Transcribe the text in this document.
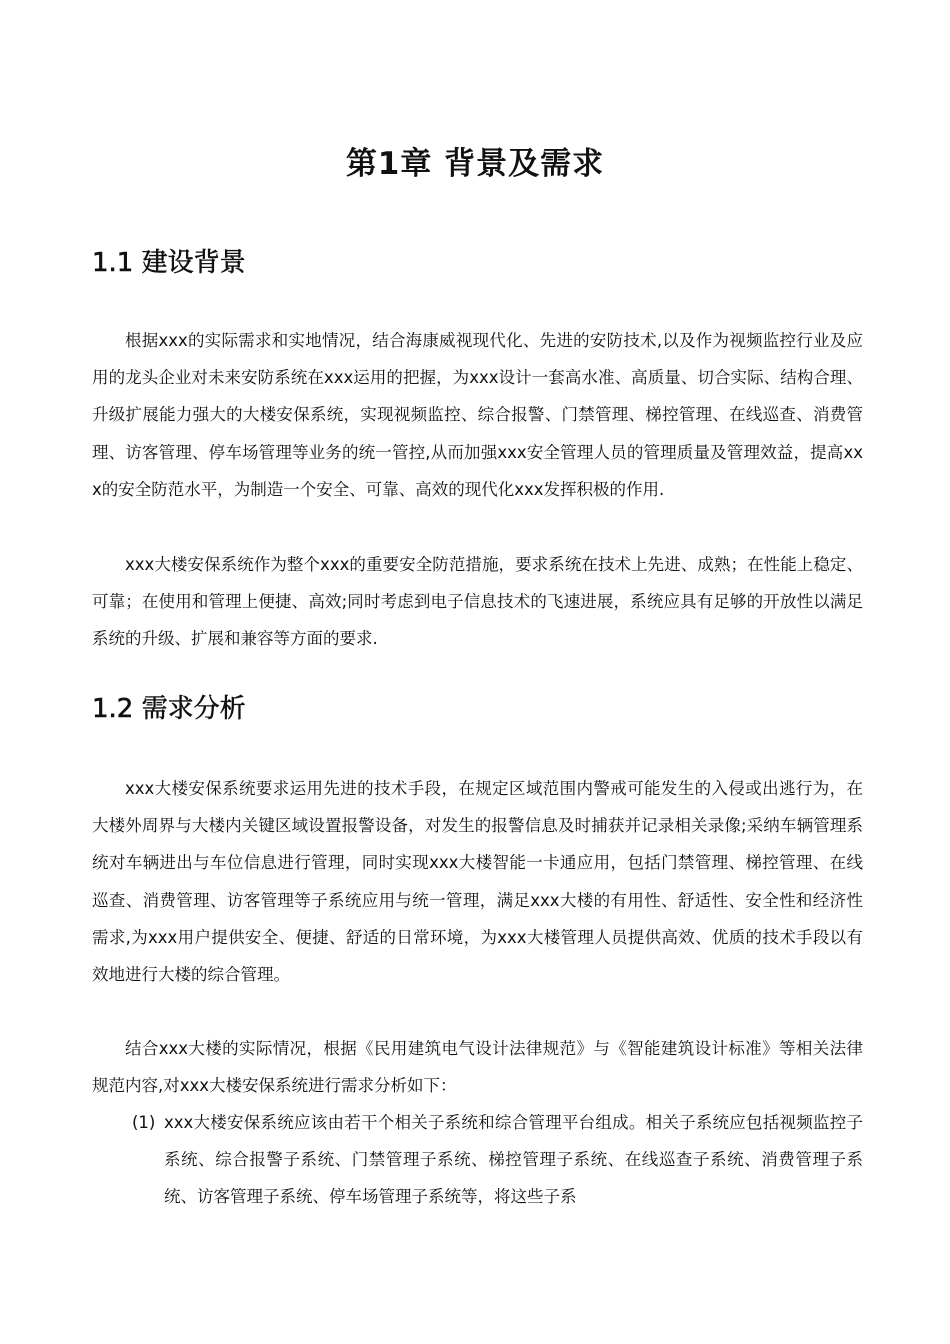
第1章 背景及需求
1.1 建设背景

根据xxx的实际需求和实地情况，结合海康威视现代化、先进的安防技术,以及作为视频监控行业及应用的龙头企业对未来安防系统在xxx运用的把握，为xxx设计一套高水准、高质量、切合实际、结构合理、升级扩展能力强大的大楼安保系统，实现视频监控、综合报警、门禁管理、梯控管理、在线巡查、消费管理、访客管理、停车场管理等业务的统一管控,从而加强xxx安全管理人员的管理质量及管理效益，提高xxx的安全防范水平，为制造一个安全、可靠、高效的现代化xxx发挥积极的作用.

xxx大楼安保系统作为整个xxx的重要安全防范措施，要求系统在技术上先进、成熟；在性能上稳定、可靠；在使用和管理上便捷、高效;同时考虑到电子信息技术的飞速进展，系统应具有足够的开放性以满足系统的升级、扩展和兼容等方面的要求.

1.2 需求分析

xxx大楼安保系统要求运用先进的技术手段，在规定区域范围内警戒可能发生的入侵或出逃行为，在大楼外周界与大楼内关键区域设置报警设备，对发生的报警信息及时捕获并记录相关录像;采纳车辆管理系统对车辆进出与车位信息进行管理，同时实现xxx大楼智能一卡通应用，包括门禁管理、梯控管理、在线巡查、消费管理、访客管理等子系统应用与统一管理，满足xxx大楼的有用性、舒适性、安全性和经济性需求,为xxx用户提供安全、便捷、舒适的日常环境，为xxx大楼管理人员提供高效、优质的技术手段以有效地进行大楼的综合管理。

结合xxx大楼的实际情况，根据《民用建筑电气设计法律规范》与《智能建筑设计标准》等相关法律规范内容,对xxx大楼安保系统进行需求分析如下：

(1) xxx大楼安保系统应该由若干个相关子系统和综合管理平台组成。相关子系统应包括视频监控子系统、综合报警子系统、门禁管理子系统、梯控管理子系统、在线巡查子系统、消费管理子系统、访客管理子系统、停车场管理子系统等，将这些子系
